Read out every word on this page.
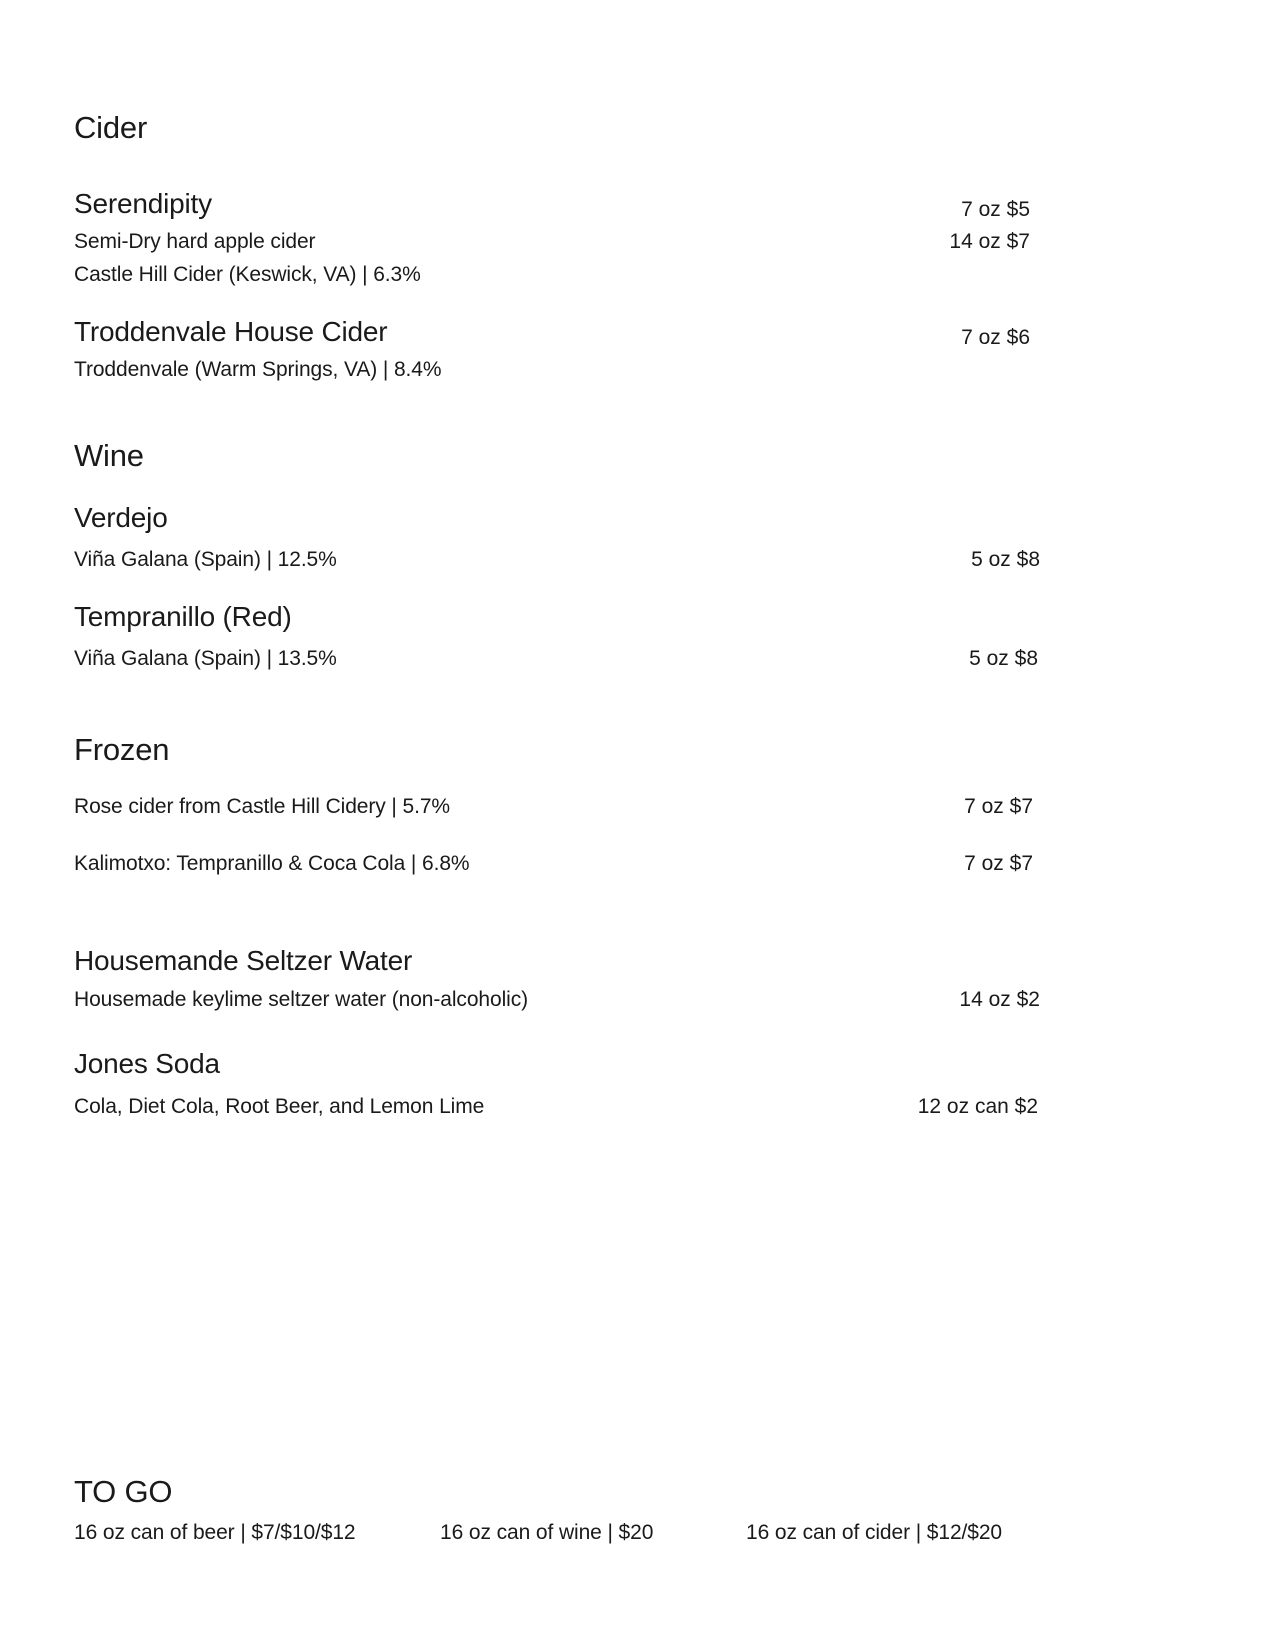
Cider
Serendipity
Semi-Dry hard apple cider
Castle Hill Cider (Keswick, VA) | 6.3%
7 oz $5
14 oz $7
Troddenvale House Cider
Troddenvale (Warm Springs, VA) | 8.4%
7 oz $6
Wine
Verdejo
Viña Galana (Spain) | 12.5%	5 oz $8
Tempranillo (Red)
Viña Galana (Spain) | 13.5%	5 oz $8
Frozen
Rose cider from Castle Hill Cidery | 5.7%	7 oz $7
Kalimotxo: Tempranillo & Coca Cola | 6.8%	7 oz $7
Housemande Seltzer Water
Housemade keylime seltzer water (non-alcoholic)	14 oz $2
Jones Soda
Cola, Diet Cola, Root Beer, and Lemon Lime	12 oz can $2
TO GO
16 oz can of beer | $7/$10/$12	16 oz can of wine | $20	16 oz can of cider | $12/$20
